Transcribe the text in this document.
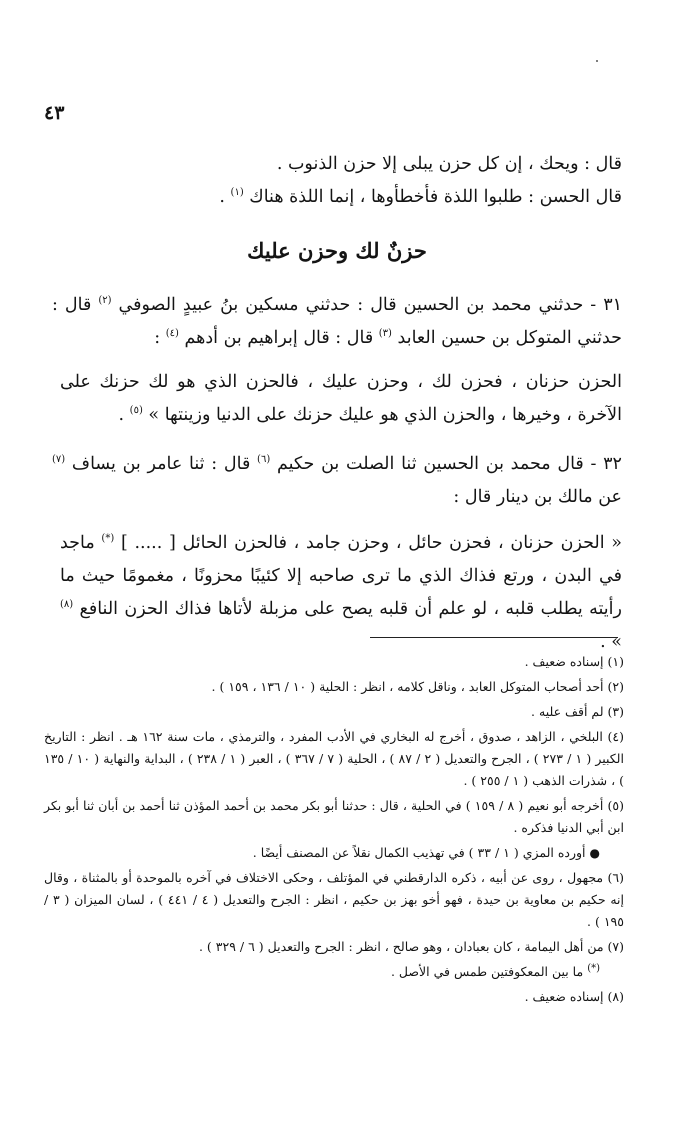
٤٣
قال : ويحك ، إن كل حزن يبلى إلا حزن الذنوب .
قال الحسن : طلبوا اللذة فأخطأوها ، إنما اللذة هناك $^{(١)}$ .
حزنٌ لك وحزن عليك
٣١ - حدثني محمد بن الحسين قال : حدثني مسكين بنُ عبيدٍ الصوفي $^{(٢)}$ قال : حدثني المتوكل بن حسين العابد $^{(٣)}$ قال : قال إبراهيم بن أدهم $^{(٤)}$ :
الحزن حزنان ، فحزن لك ، وحزن عليك ، فالحزن الذي هو لك حزنك على الآخرة ، وخيرها ، والحزن الذي هو عليك حزنك على الدنيا وزينتها » $^{(٥)}$ .
٣٢ - قال محمد بن الحسين ثنا الصلت بن حكيم $^{(٦)}$ قال : ثنا عامر بن يساف $^{(٧)}$ عن مالك بن دينار قال :
« الحزن حزنان ، فحزن حائل ، وحزن جامد ، فالحزن الحائل [ ..... ] (*) ماجد في البدن ، ورتع فذاك الذي ما ترى صاحبه إلا كئيبًا محزونًا ، مغمومًا حيث ما رأيته يطلب قلبه ، لو علم أن قلبه يصح على مزبلة لأتاها فذاك الحزن النافع $^{(٨)}$ » .
(١) إسناده ضعيف .
(٢) أحد أصحاب المتوكل العابد ، وناقل كلامه ، انظر : الحلية ( ١٠ / ١٣٦ ، ١٥٩ ) .
(٣) لم أقف عليه .
(٤) البلخي ، الزاهد ، صدوق ، أخرج له البخاري في الأدب المفرد ، والترمذي ، مات سنة ١٦٢ هـ . انظر : التاريخ الكبير ( ١ / ٢٧٣ ) ، الجرح والتعديل ( ٢ / ٨٧ ) ، الحلية ( ٧ / ٣٦٧ ) ، العبر ( ١ / ٢٣٨ ) ، البداية والنهاية ( ١٠ / ١٣٥ ) ، شذرات الذهب ( ١ / ٢٥٥ ) .
(٥) أخرجه أبو نعيم ( ٨ / ١٥٩ ) في الحلية ، قال : حدثنا أبو بكر محمد بن أحمد المؤذن ثنا أحمد بن أبان ثنا أبو بكر ابن أبي الدنيا فذكره .
● أورده المزي ( ١ / ٣٣ ) في تهذيب الكمال نقلاً عن المصنف أيضًا .
(٦) مجهول ، روى عن أبيه ، ذكره الدارقطني في المؤتلف ، وحكى الاختلاف في آخره بالموحدة أو بالمثناة ، وقال إنه حكيم بن معاوية بن حيدة ، فهو أخو بهز بن حكيم ، انظر : الجرح والتعديل ( ٤ / ٤٤١ ) ، لسان الميزان ( ٣ / ١٩٥ ) .
(٧) من أهل اليمامة ، كان بعبادان ، وهو صالح ، انظر : الجرح والتعديل ( ٦ / ٣٢٩ ) .
(*) ما بين المعكوفتين طمس في الأصل .
(٨) إسناده ضعيف .
